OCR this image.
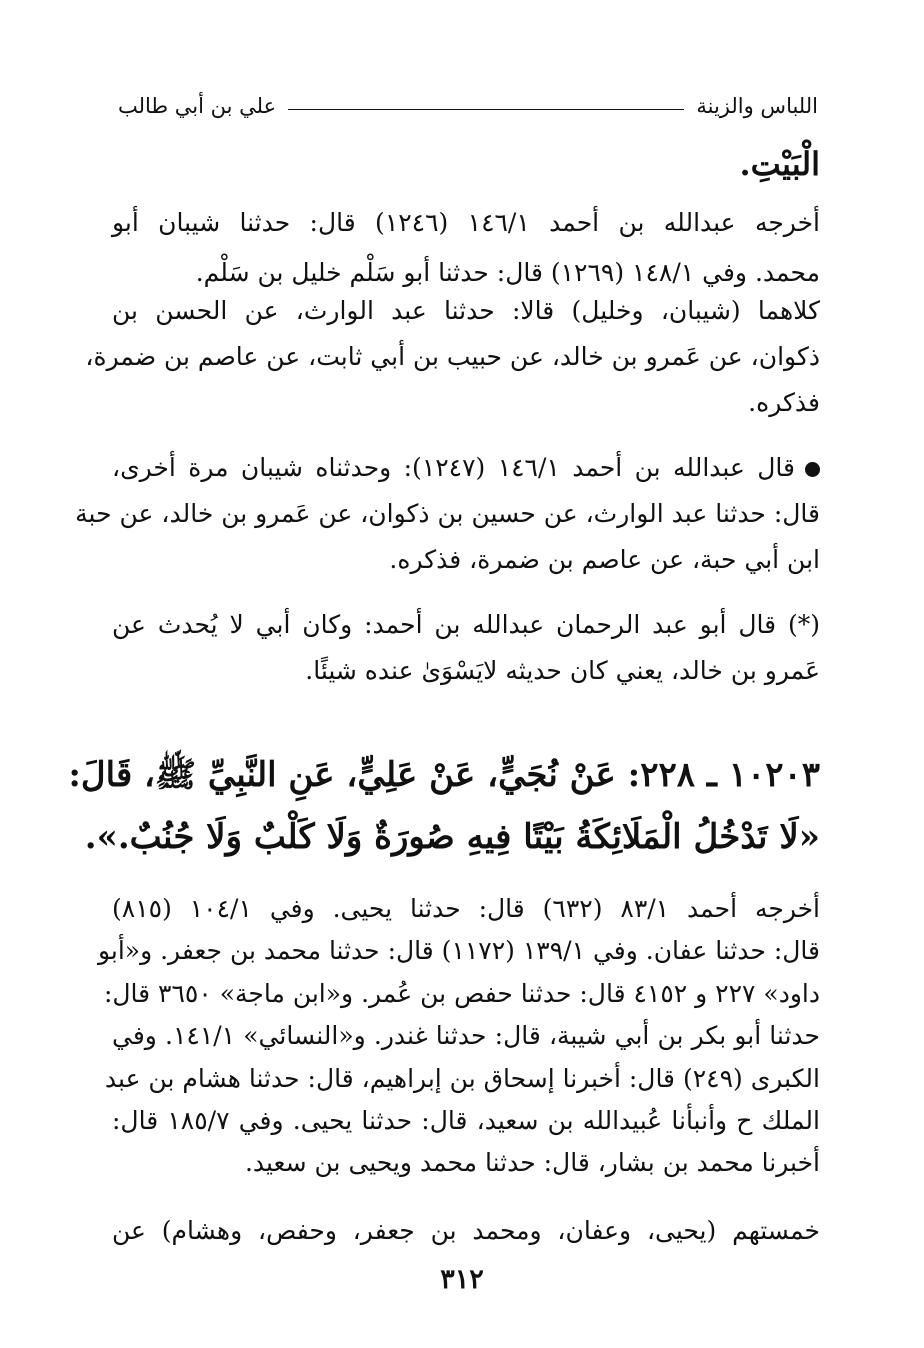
اللباس والزينة
علي بن أبي طالب
الْبَيْتِ.
أخرجه عبدالله بن أحمد ١٤٦/١ (١٢٤٦) قال: حدثنا شيبان أبو
محمد. وفي ١٤٨/١ (١٢٦٩) قال: حدثنا أبو سَلْم خليل بن سَلْم.
كلاهما (شيبان، وخليل) قالا: حدثنا عبد الوارث، عن الحسن بن
ذكوان، عن عَمرو بن خالد، عن حبيب بن أبي ثابت، عن عاصم بن ضمرة،
فذكره.
قال عبدالله بن أحمد ١٤٦/١ (١٢٤٧): وحدثناه شيبان مرة أخرى،
قال: حدثنا عبد الوارث، عن حسين بن ذكوان، عن عَمرو بن خالد، عن حبة
ابن أبي حبة، عن عاصم بن ضمرة، فذكره.
(*) قال أبو عبد الرحمان عبدالله بن أحمد: وكان أبي لا يُحدث عن
عَمرو بن خالد، يعني كان حديثه لايَسْوَىٰ عنده شيئًا.
١٠٢٠٣ ـ ٢٢٨: عَنْ نُجَيٍّ، عَنْ عَلِيٍّ، عَنِ النَّبِيِّ ﷺ، قَالَ:
«لَا تَدْخُلُ الْمَلَائِكَةُ بَيْتًا فِيهِ صُورَةٌ وَلَا كَلْبٌ وَلَا جُنُبٌ.».
أخرجه أحمد ٨٣/١ (٦٣٢) قال: حدثنا يحيى. وفي ١٠٤/١ (٨١٥)
قال: حدثنا عفان. وفي ١٣٩/١ (١١٧٢) قال: حدثنا محمد بن جعفر. و«أبو
داود» ٢٢٧ و ٤١٥٢ قال: حدثنا حفص بن عُمر. و«ابن ماجة» ٣٦٥٠ قال:
حدثنا أبو بكر بن أبي شيبة، قال: حدثنا غندر. و«النسائي» ١٤١/١. وفي
الكبرى (٢٤٩) قال: أخبرنا إسحاق بن إبراهيم، قال: حدثنا هشام بن عبد
الملك ح وأنبأنا عُبيدالله بن سعيد، قال: حدثنا يحيى. وفي ١٨٥/٧ قال:
أخبرنا محمد بن بشار، قال: حدثنا محمد ويحيى بن سعيد.
خمستهم (يحيى، وعفان، ومحمد بن جعفر، وحفص، وهشام) عن
٣١٢
